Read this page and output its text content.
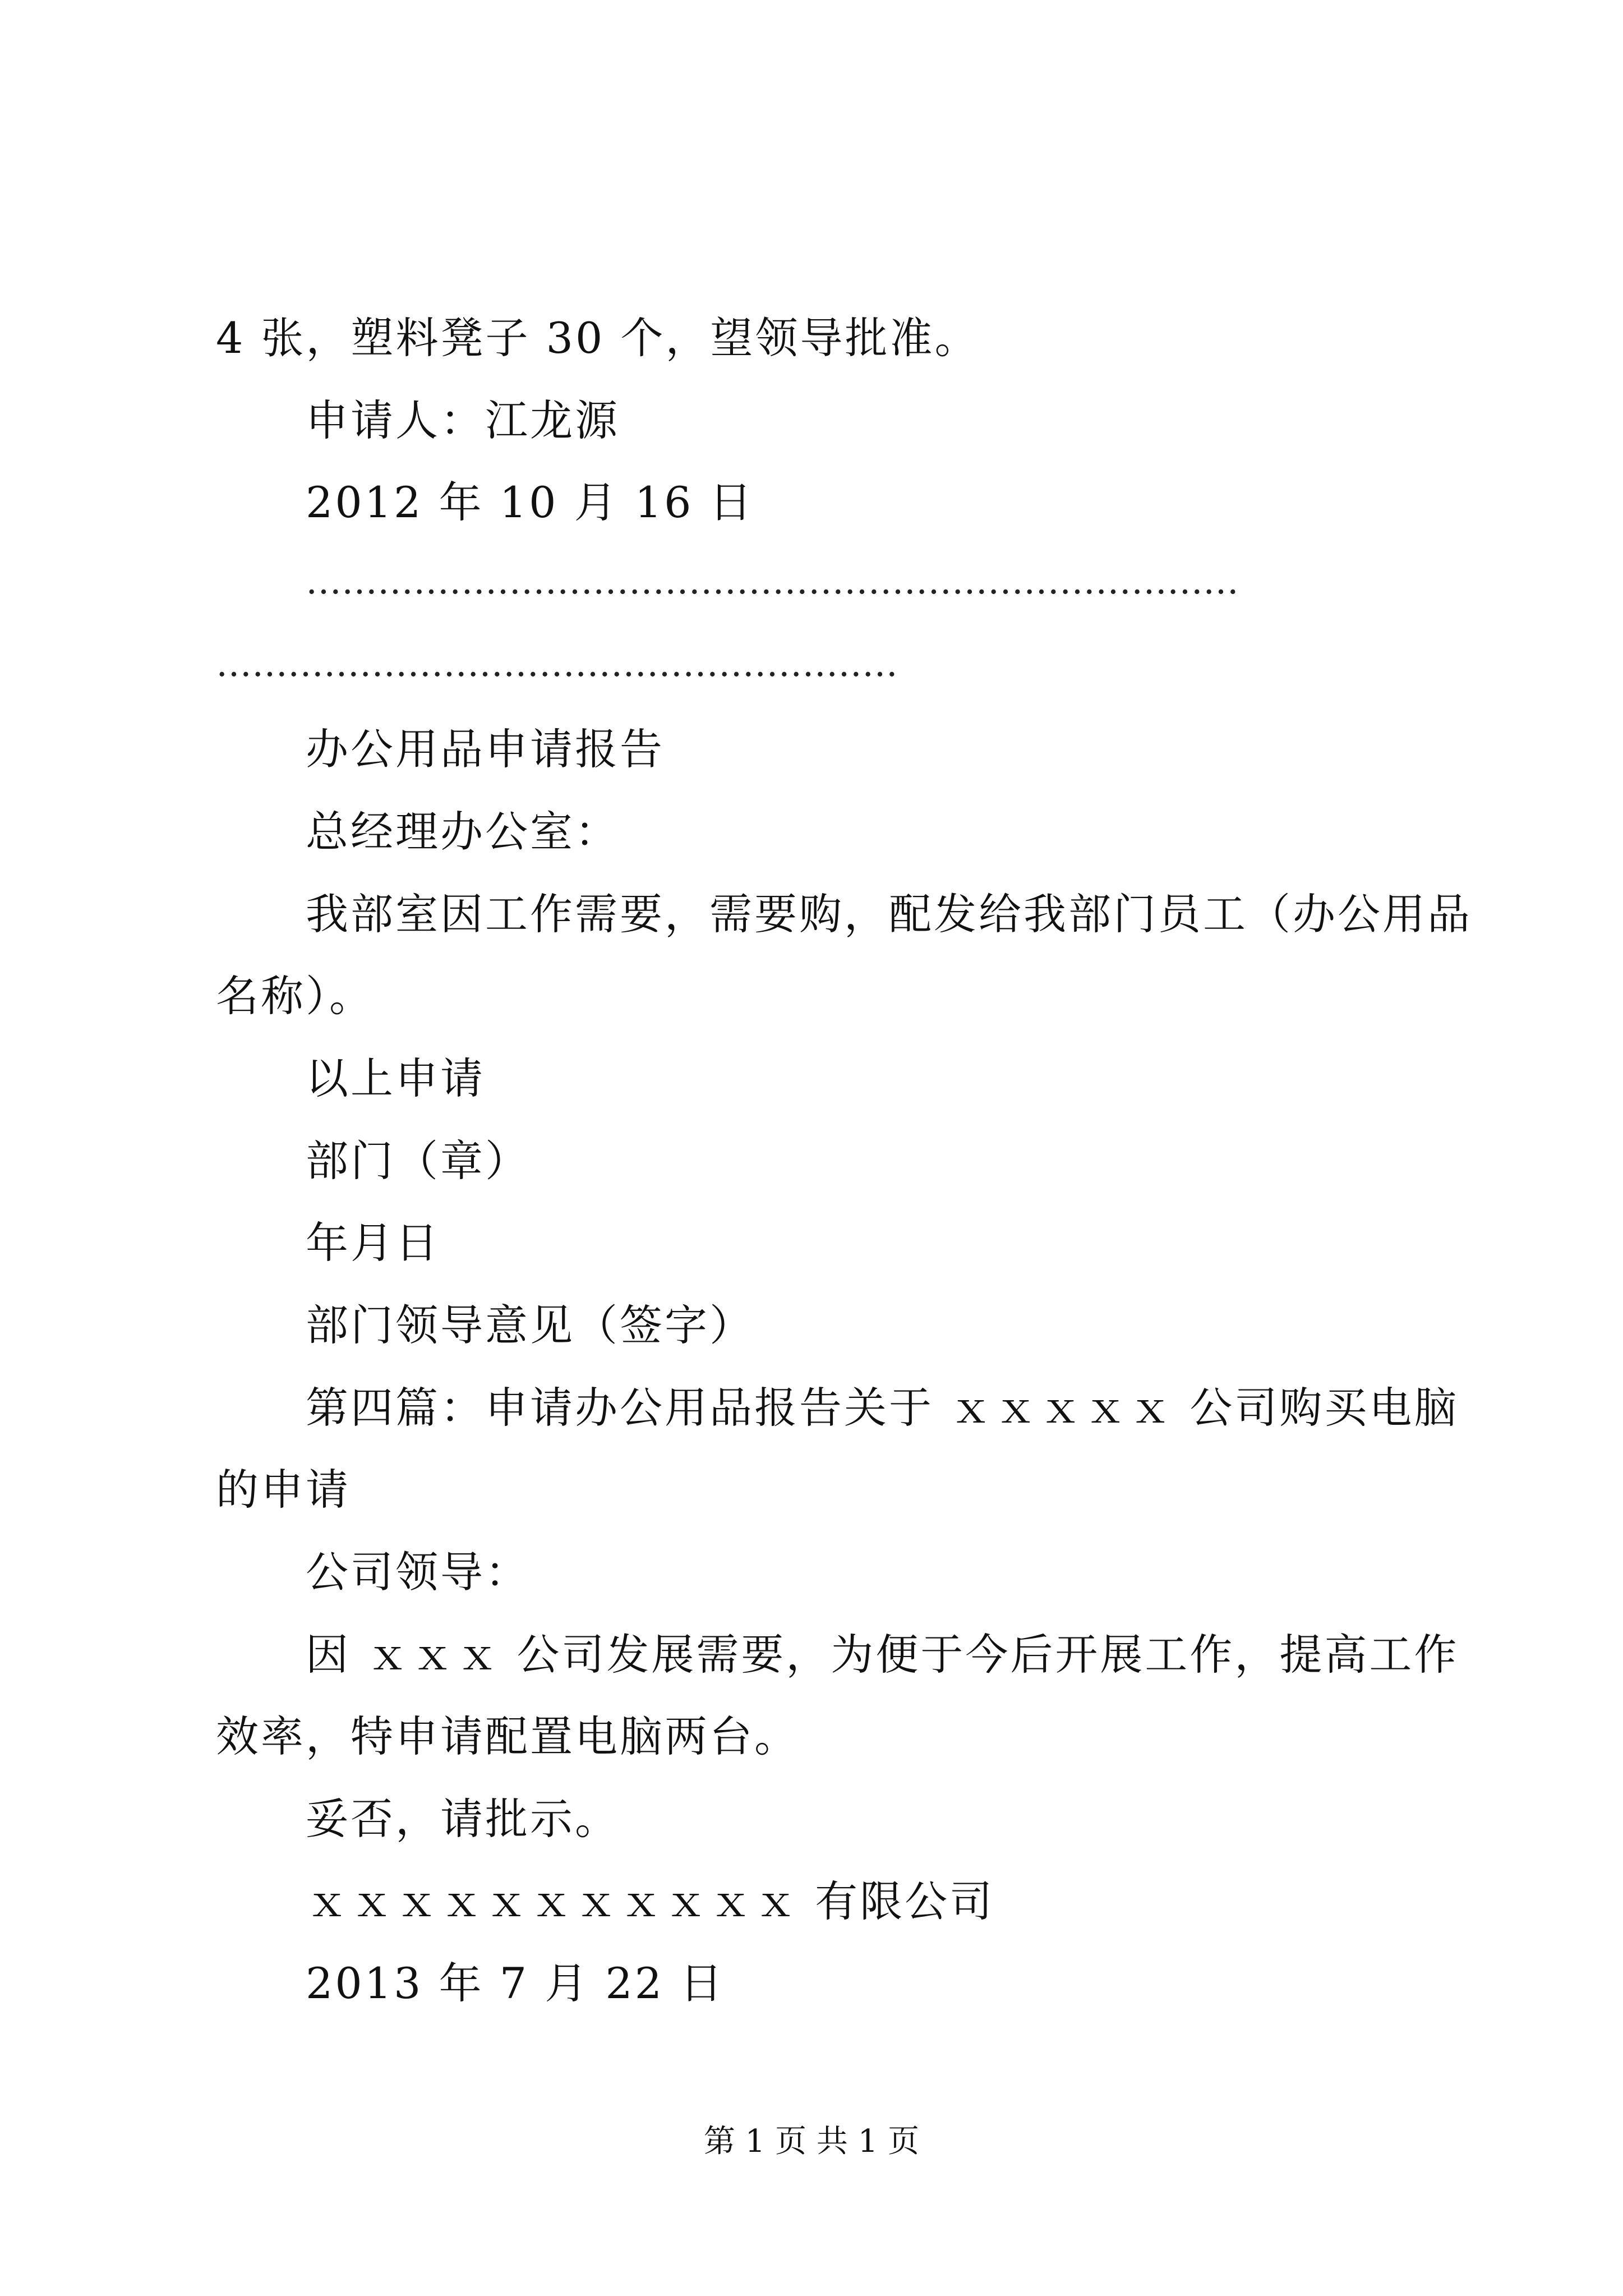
4 张，塑料凳子 30 个，望领导批准。

申请人：江龙源

2012 年 10 月 16 日

……………………………………………………………………

…………………………………………………

办公用品申请报告

总经理办公室：

我部室因工作需要，需要购，配发给我部门员工（办公用品

名称）。

以上申请

部门（章）

年月日

部门领导意见（签字）

第四篇：申请办公用品报告关于 ｘｘｘｘｘ 公司购买电脑

的申请

公司领导：

因 ｘｘｘ 公司发展需要，为便于今后开展工作，提高工作

效率，特申请配置电脑两台。

妥否，请批示。

ｘｘｘｘｘｘｘｘｘｘｘ 有限公司

2013 年 7 月 22 日

第 1 页 共 1 页
